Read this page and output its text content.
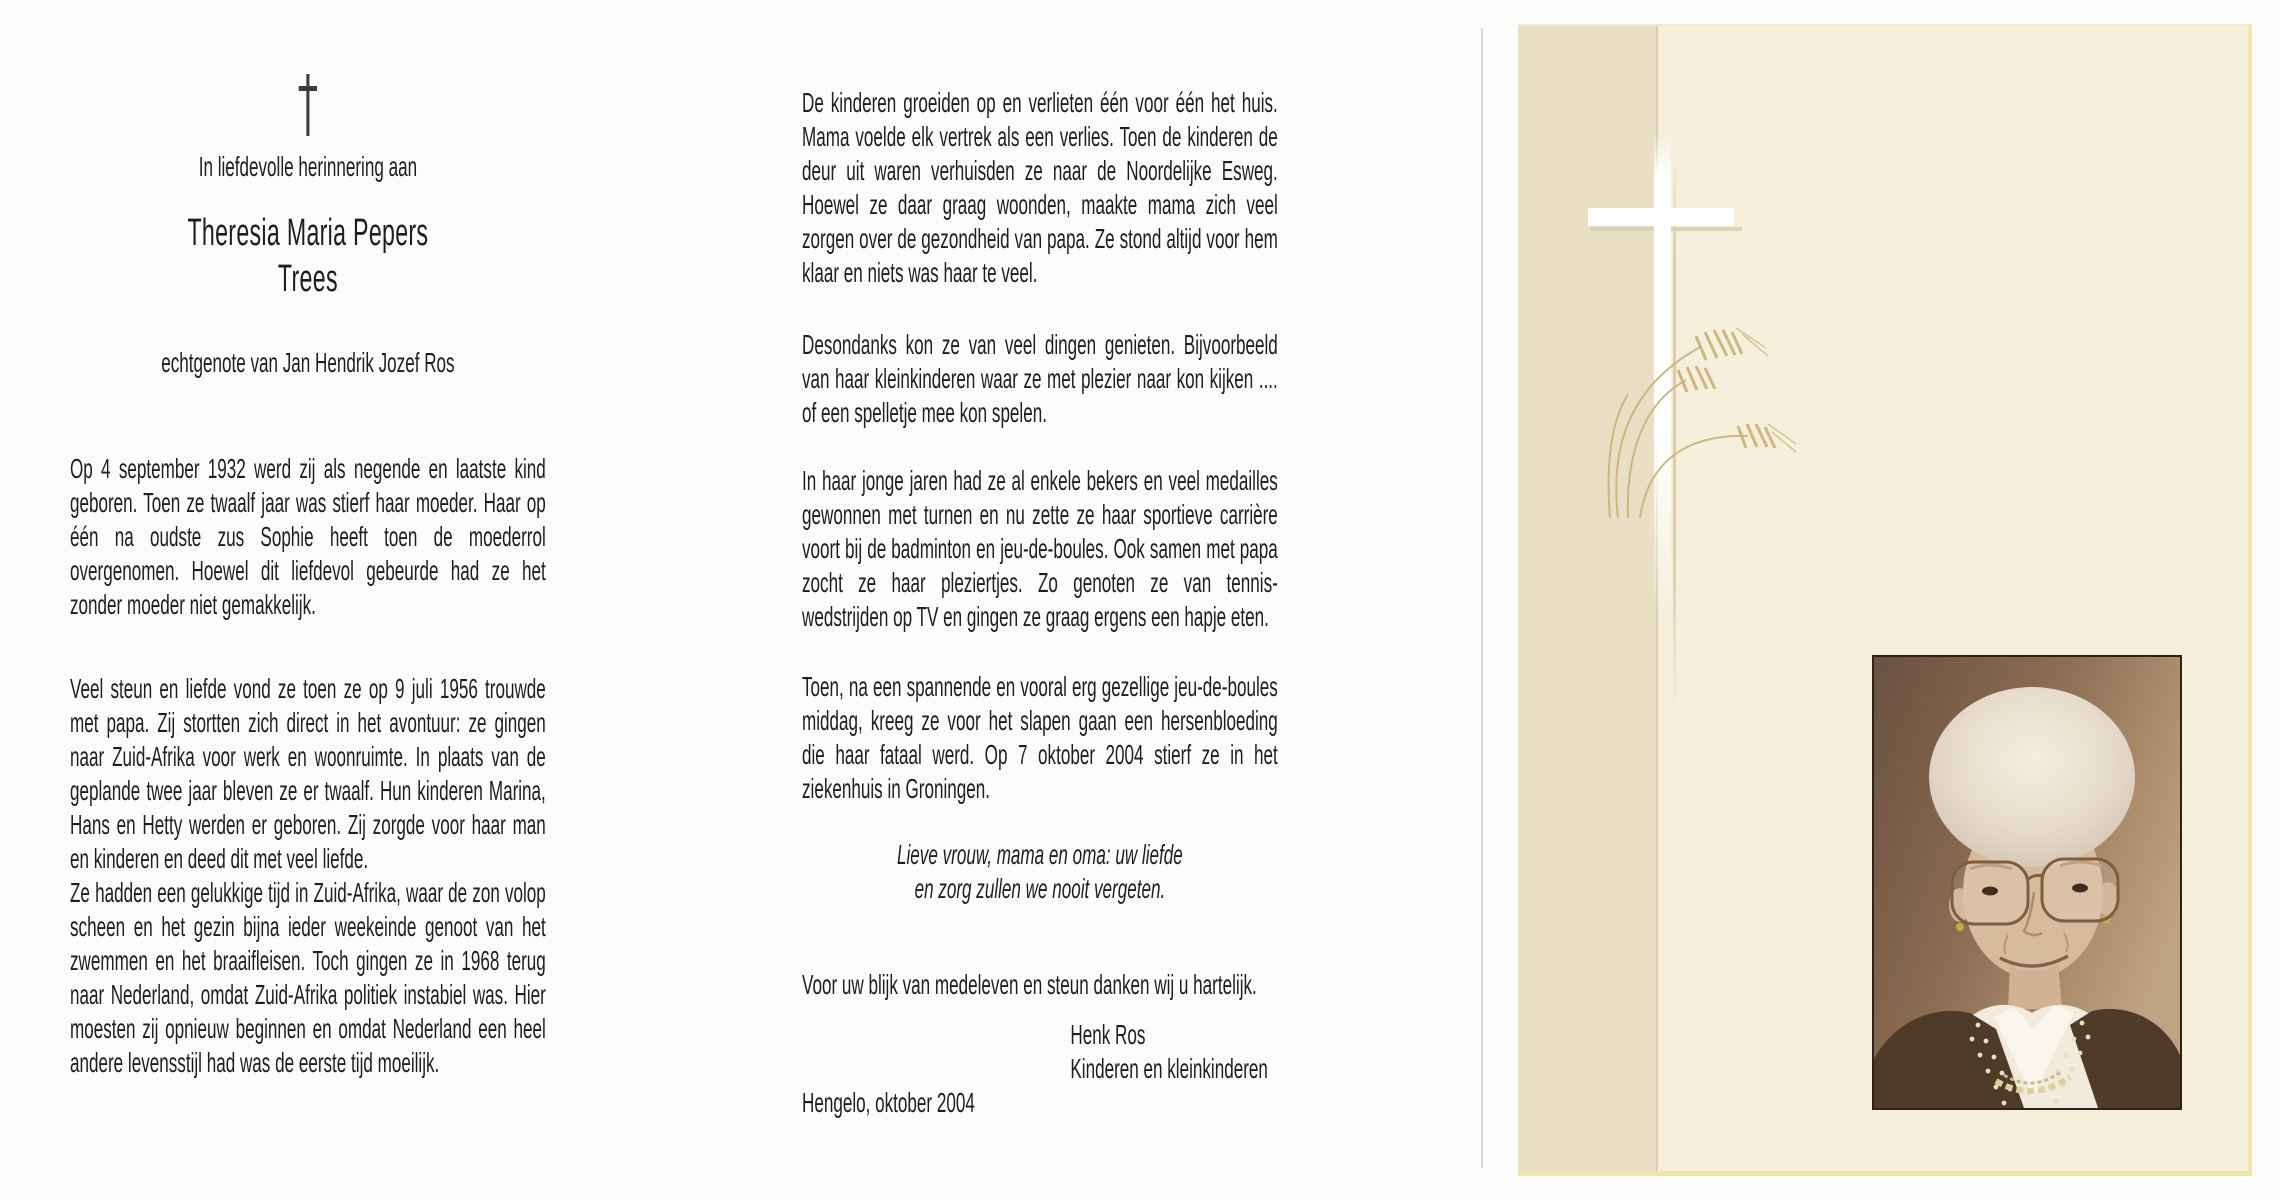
In liefdevolle herinnering aan
Theresia Maria Pepers
Trees
echtgenote van Jan Hendrik Jozef Ros

Op 4 september 1932 werd zij als negende en laatste kind geboren. Toen ze twaalf jaar was stierf haar moeder. Haar op één na oudste zus Sophie heeft toen de moederrol overgenomen. Hoewel dit liefdevol gebeurde had ze het zonder moeder niet gemakkelijk.

Veel steun en liefde vond ze toen ze op 9 juli 1956 trouwde met papa. Zij stortten zich direct in het avontuur: ze gingen naar Zuid-Afrika voor werk en woonruimte. In plaats van de geplande twee jaar bleven ze er twaalf. Hun kinderen Marina, Hans en Hetty werden er geboren. Zij zorgde voor haar man en kinderen en deed dit met veel liefde.

Ze hadden een gelukkige tijd in Zuid-Afrika, waar de zon volop scheen en het gezin bijna ieder weekeinde genoot van het zwemmen en het braaifleisen. Toch gingen ze in 1968 terug naar Nederland, omdat Zuid-Afrika politiek instabiel was. Hier moesten zij opnieuw beginnen en omdat Nederland een heel andere levensstijl had was de eerste tijd moeilijk.

De kinderen groeiden op en verlieten één voor één het huis. Mama voelde elk vertrek als een verlies. Toen de kinderen de deur uit waren verhuisden ze naar de Noordelijke Esweg. Hoewel ze daar graag woonden, maakte mama zich veel zorgen over de gezondheid van papa. Ze stond altijd voor hem klaar en niets was haar te veel.

Desondanks kon ze van veel dingen genieten. Bijvoorbeeld van haar kleinkinderen waar ze met plezier naar kon kijken .... of een spelletje mee kon spelen.

In haar jonge jaren had ze al enkele bekers en veel medailles gewonnen met turnen en nu zette ze haar sportieve carrière voort bij de badminton en jeu-de-boules. Ook samen met papa zocht ze haar pleziertjes. Zo genoten ze van tennis-wedstrijden op TV en gingen ze graag ergens een hapje eten.

Toen, na een spannende en vooral erg gezellige jeu-de-boules middag, kreeg ze voor het slapen gaan een hersenbloeding die haar fataal werd. Op 7 oktober 2004 stierf ze in het ziekenhuis in Groningen.

Lieve vrouw, mama en oma: uw liefde
en zorg zullen we nooit vergeten.
Voor uw blijk van medeleven en steun danken wij u hartelijk.
Henk Ros
Kinderen en kleinkinderen
Hengelo, oktober 2004
